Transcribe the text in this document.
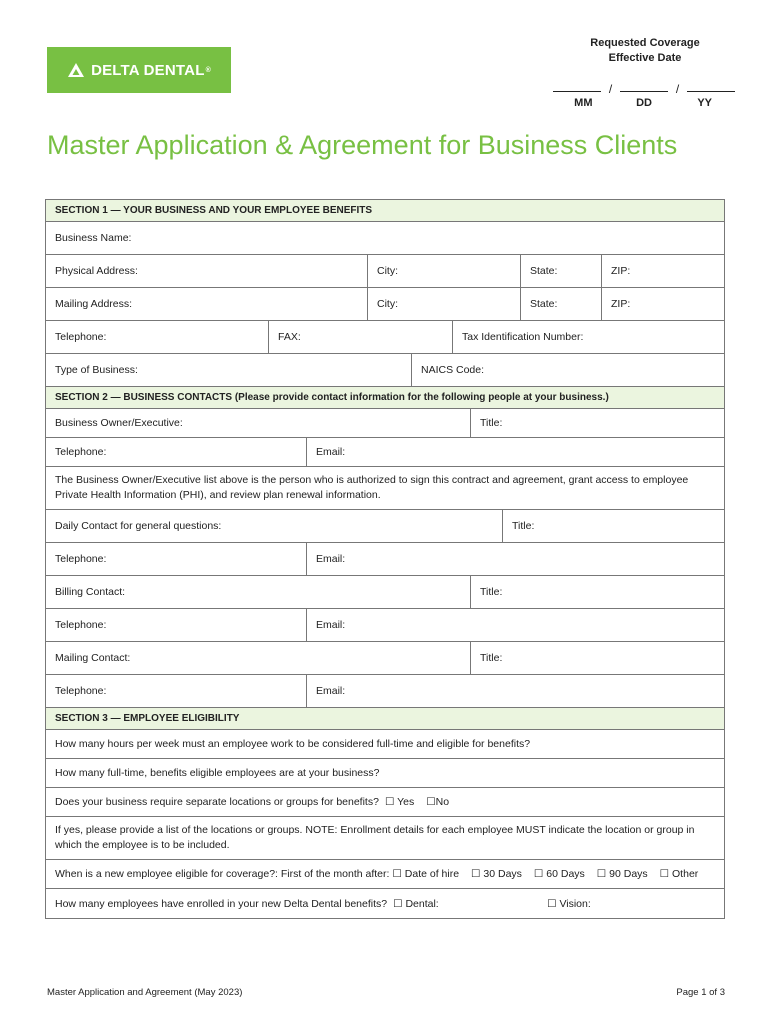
DELTA DENTAL ®
Requested Coverage
Effective Date
/	/
MM	DD	YY
Master Application & Agreement for Business Clients
SECTION 1 — YOUR BUSINESS AND YOUR EMPLOYEE BENEFITS
Business Name:
Physical Address:	City:	State:	ZIP:
Mailing Address:	City:	State:	ZIP:
Telephone:	FAX:	Tax Identification Number:
Type of Business:	NAICS Code:
SECTION 2 — BUSINESS CONTACTS (Please provide contact information for the following people at your business.)
Business Owner/Executive:	Title:
Telephone:	Email:
The Business Owner/Executive list above is the person who is authorized to sign this contract and agreement, grant access to employee Private Health Information (PHI), and review plan renewal information.
Daily Contact for general questions:	Title:
Telephone:	Email:
Billing Contact:	Title:
Telephone:	Email:
Mailing Contact:	Title:
Telephone:	Email:
SECTION 3 — EMPLOYEE ELIGIBILITY
How many hours per week must an employee work to be considered full-time and eligible for benefits?
How many full-time, benefits eligible employees are at your business?
Does your business require separate locations or groups for benefits? ☐ Yes	☐No
If yes, please provide a list of the locations or groups. NOTE: Enrollment details for each employee MUST indicate the location or group in which the employee is to be included.
When is a new employee eligible for coverage?: First of the month after: ☐ Date of hire	☐ 30 Days	☐ 60 Days	☐ 90 Days	☐ Other
How many employees have enrolled in your new Delta Dental benefits? ☐ Dental:	☐ Vision:
Master Application and Agreement (May 2023)	Page 1 of 3
